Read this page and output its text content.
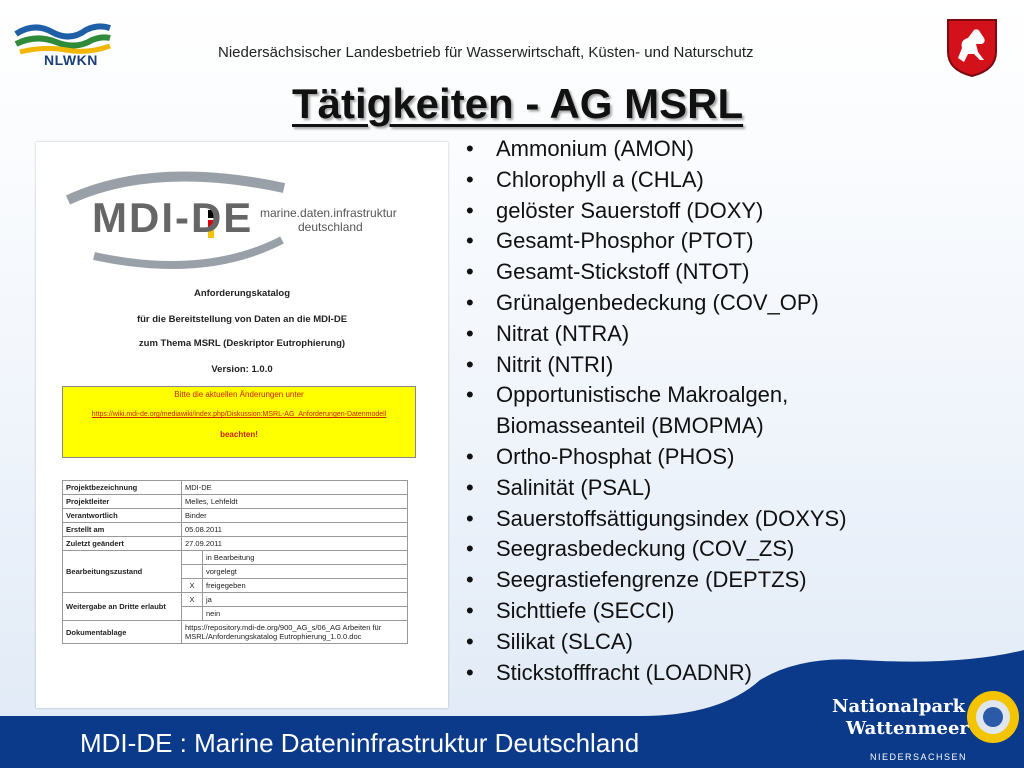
NLWKN	Niedersächsischer Landesbetrieb für Wasserwirtschaft, Küsten- und Naturschutz
Tätigkeiten - AG MSRL
MDI-DE marine.daten.infrastruktur
deutschland
Anforderungskatalog
für die Bereitstellung von Daten an die MDI-DE
zum Thema MSRL (Deskriptor Eutrophierung)
Version: 1.0.0
Bitte die aktuellen Änderungen unter
https://wiki.mdi-de.org/mediawiki/index.php/Diskussion:MSRL-AG_Anforderungen-Datenmodell
beachten!
Projektbezeichnung	MDI-DE	
Projektleiter	Melles, Lehfeldt	
Verantwortlich	Binder	
Erstellt am	05.08.2011	
Zuletzt geändert	27.09.2011	
Bearbeitungszustand		in Bearbeitung
		vorgelegt
	X	freigegeben
Weitergabe an Dritte erlaubt	X	ja
		nein
Dokumentablage	https://repository.mdi-de.org/900_AG_s/06_AG Arbeiten für
MSRL/Anforderungskatalog Eutrophierung_1.0.0.doc	
• Ammonium (AMON)
• Chlorophyll a (CHLA)
• gelöster Sauerstoff (DOXY)
• Gesamt-Phosphor (PTOT)
• Gesamt-Stickstoff (NTOT)
• Grünalgenbedeckung (COV_OP)
• Nitrat (NTRA)
• Nitrit (NTRI)
• Opportunistische Makroalgen,
Biomasseanteil (BMOPMA)
• Ortho-Phosphat (PHOS)
• Salinität (PSAL)
• Sauerstoffsättigungsindex (DOXYS)
• Seegrasbedeckung (COV_ZS)
• Seegrastiefengrenze (DEPTZS)
• Sichttiefe (SECCI)
• Silikat (SLCA)
• Stickstofffracht (LOADNR)
MDI-DE : Marine Dateninfrastruktur Deutschland
Nationalpark
Wattenmeer
NIEDERSACHSEN
